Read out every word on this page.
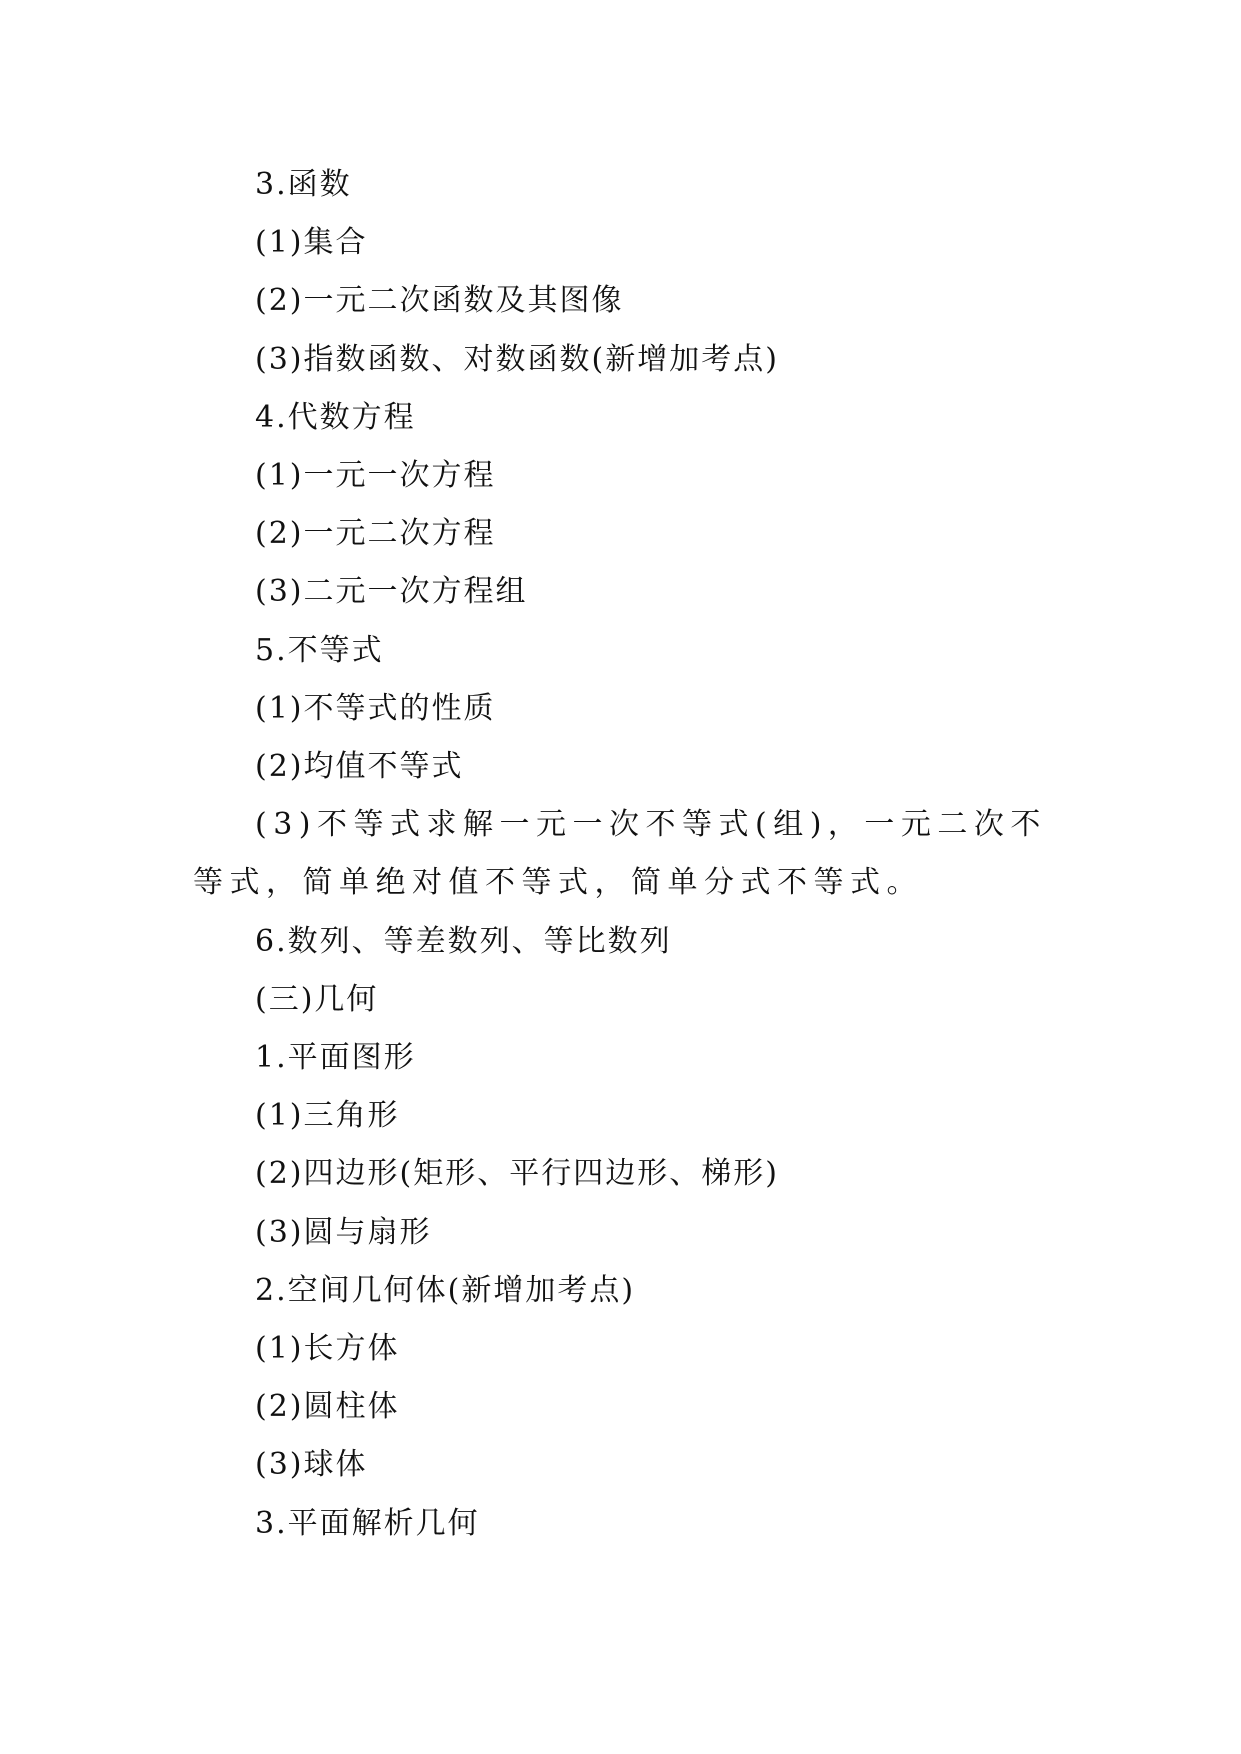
3.函数

(1)集合

(2)一元二次函数及其图像

(3)指数函数、对数函数(新增加考点)

4.代数方程

(1)一元一次方程

(2)一元二次方程

(3)二元一次方程组

5.不等式

(1)不等式的性质

(2)均值不等式

(3)不等式求解一元一次不等式(组)，一元二次不等式，简单绝对值不等式，简单分式不等式。

6.数列、等差数列、等比数列

(三)几何

1.平面图形

(1)三角形

(2)四边形(矩形、平行四边形、梯形)

(3)圆与扇形

2.空间几何体(新增加考点)

(1)长方体

(2)圆柱体

(3)球体

3.平面解析几何
